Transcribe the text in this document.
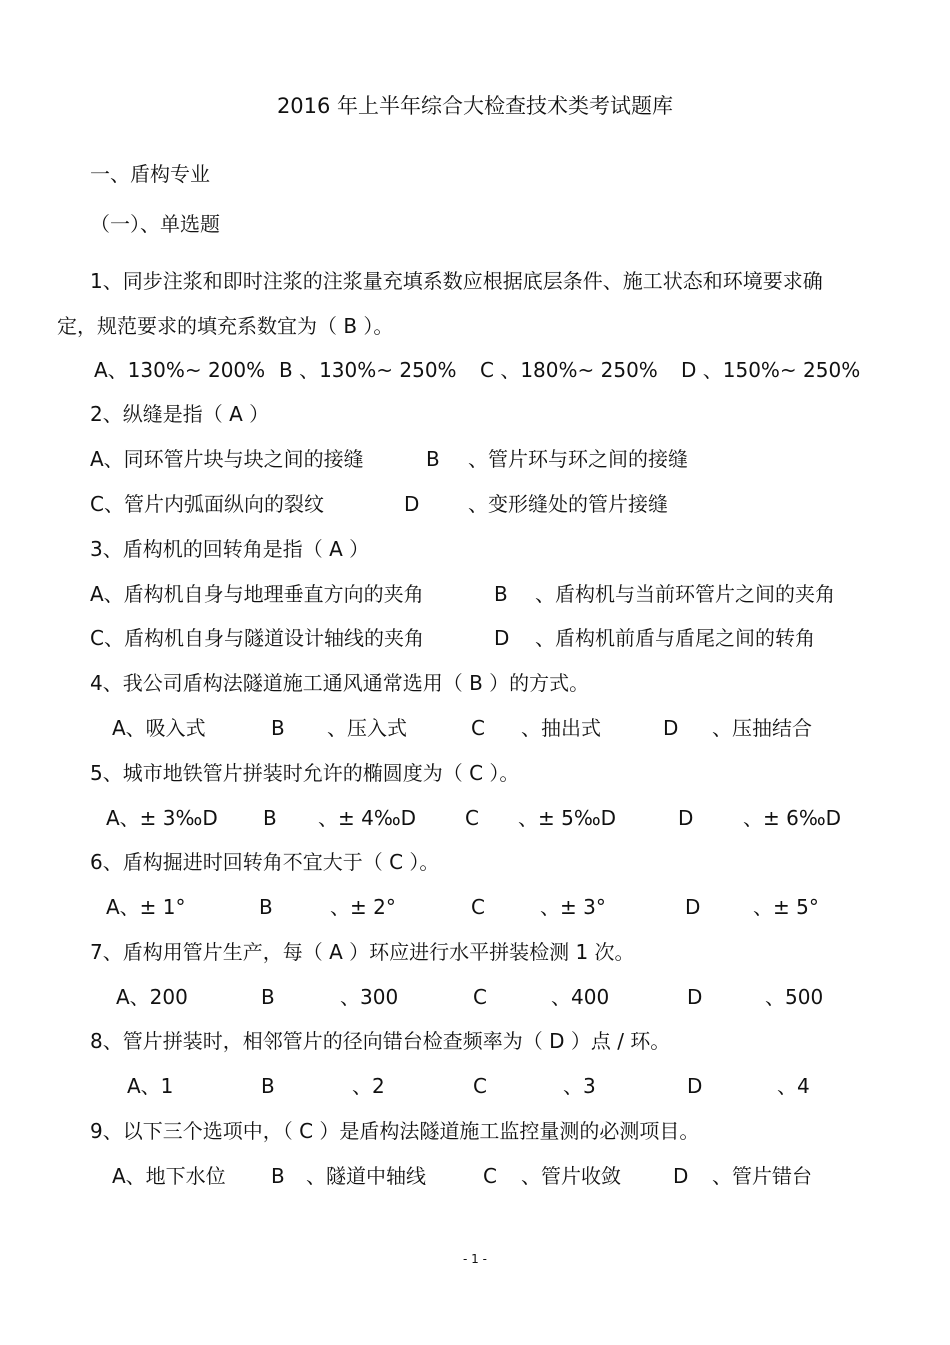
2016 年上半年综合大检查技术类考试题库
一、盾构专业
（一）、单选题
1、同步注浆和即时注浆的注浆量充填系数应根据底层条件、施工状态和环境要求确
定，规范要求的填充系数宜为（ B ）。
A、130%~ 200% B 、130%~ 250% C 、180%~ 250% D 、150%~ 250%
2、纵缝是指（ A ）
A、同环管片块与块之间的接缝	B 、管片环与环之间的接缝
C、管片内弧面纵向的裂纹	D 、变形缝处的管片接缝
3、盾构机的回转角是指（ A ）
A、盾构机自身与地理垂直方向的夹角	B 、盾构机与当前环管片之间的夹角
C、盾构机自身与隧道设计轴线的夹角	D 、盾构机前盾与盾尾之间的转角
4、我公司盾构法隧道施工通风通常选用（ B ）的方式。
A、吸入式	B 、压入式	C 、抽出式	D 、压抽结合
5、城市地铁管片拼装时允许的椭圆度为（ C ）。
A、± 3‰D B 、± 4‰D C 、± 5‰D	D 、± 6‰D
6、盾构掘进时回转角不宜大于（ C ）。
A、± 1°	B	、± 2°	C	、± 3°	D	、± 5°
7、盾构用管片生产，每（ A ）环应进行水平拼装检测 1 次。
A、200	B	、300	C	、400	D	、500
8、管片拼装时，相邻管片的径向错台检查频率为（ D ）点 / 环。
A、1	B	、2	C	、3	D	、4
9、以下三个选项中，（ C ）是盾构法隧道施工监控量测的必测项目。
A、地下水位 B 、隧道中轴线	C 、管片收敛	D 、管片错台
- 1 -
